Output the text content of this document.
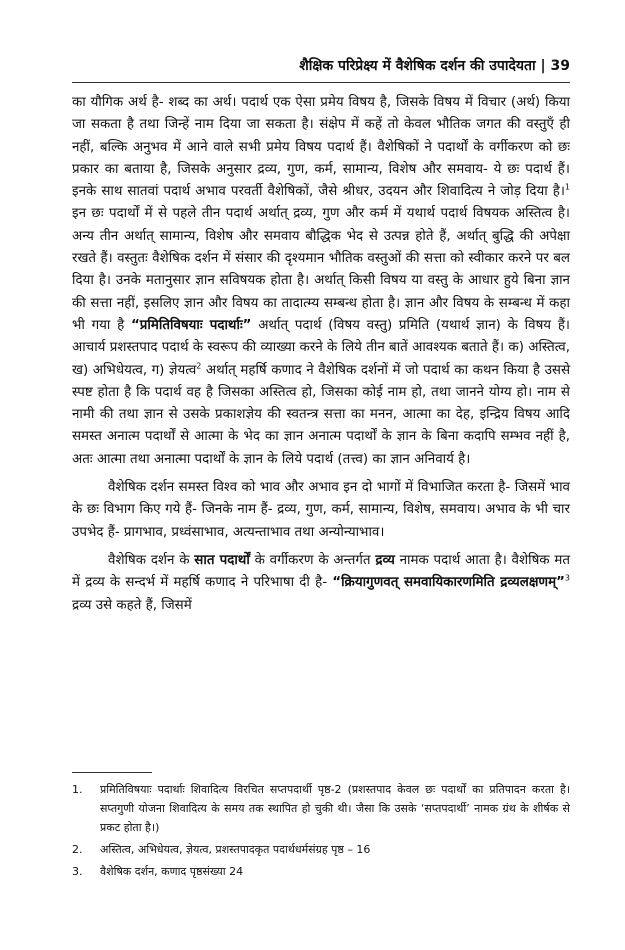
शैक्षिक परिप्रेक्ष्य में वैशेषिक दर्शन की उपादेयता | 39

का यौगिक अर्थ है- शब्द का अर्थ। पदार्थ एक ऐसा प्रमेय विषय है, जिसके विषय में विचार (अर्थ) किया जा सकता है तथा जिन्हें नाम दिया जा सकता है। संक्षेप में कहें तो केवल भौतिक जगत की वस्तुएँ ही नहीं, बल्कि अनुभव में आने वाले सभी प्रमेय विषय पदार्थ हैं। वैशेषिकों ने पदार्थों के वर्गीकरण को छः प्रकार का बताया है, जिसके अनुसार द्रव्य, गुण, कर्म, सामान्य, विशेष और समवाय- ये छः पदार्थ हैं। इनके साथ सातवां पदार्थ अभाव परवर्ती वैशेषिकों, जैसे श्रीधर, उदयन और शिवादित्य ने जोड़ दिया है।$^1$ इन छः पदार्थों में से पहले तीन पदार्थ अर्थात् द्रव्य, गुण और कर्म में यथार्थ पदार्थ विषयक अस्तित्व है। अन्य तीन अर्थात् सामान्य, विशेष और समवाय बौद्धिक भेद से उत्पन्न होते हैं, अर्थात् बुद्धि की अपेक्षा रखते हैं। वस्तुतः वैशेषिक दर्शन में संसार की दृश्यमान भौतिक वस्तुओं की सत्ता को स्वीकार करने पर बल दिया है। उनके मतानुसार ज्ञान सविषयक होता है। अर्थात् किसी विषय या वस्तु के आधार हुये बिना ज्ञान की सत्ता नहीं, इसलिए ज्ञान और विषय का तादात्म्य सम्बन्ध होता है। ज्ञान और विषय के सम्बन्ध में कहा भी गया है “प्रमितिविषयाः पदार्थाः” अर्थात् पदार्थ (विषय वस्तु) प्रमिति (यथार्थ ज्ञान) के विषय हैं। आचार्य प्रशस्तपाद पदार्थ के स्वरूप की व्याख्या करने के लिये तीन बातें आवश्यक बताते हैं। क) अस्तित्व, ख) अभिधेयत्व, ग) ज्ञेयत्व$^2$ अर्थात् महर्षि कणाद ने वैशेषिक दर्शनों में जो पदार्थ का कथन किया है उससे स्पष्ट होता है कि पदार्थ वह है जिसका अस्तित्व हो, जिसका कोई नाम हो, तथा जानने योग्य हो। नाम से नामी की तथा ज्ञान से उसके प्रकाशज्ञेय की स्वतन्त्र सत्ता का मनन, आत्मा का देह, इन्द्रिय विषय आदि समस्त अनात्म पदार्थों से आत्मा के भेद का ज्ञान अनात्म पदार्थों के ज्ञान के बिना कदापि सम्भव नहीं है, अतः आत्मा तथा अनात्मा पदार्थों के ज्ञान के लिये पदार्थ (तत्त्व) का ज्ञान अनिवार्य है।

वैशेषिक दर्शन समस्त विश्व को भाव और अभाव इन दो भागों में विभाजित करता है- जिसमें भाव के छः विभाग किए गये हैं- जिनके नाम हैं- द्रव्य, गुण, कर्म, सामान्य, विशेष, समवाय। अभाव के भी चार उपभेद हैं- प्रागभाव, प्रध्वंसाभाव, अत्यन्ताभाव तथा अन्योन्याभाव।

वैशेषिक दर्शन के सात पदार्थों के वर्गीकरण के अन्तर्गत द्रव्य नामक पदार्थ आता है। वैशेषिक मत में द्रव्य के सन्दर्भ में महर्षि कणाद ने परिभाषा दी है- “क्रियागुणवत् समवायिकारणमिति द्रव्यलक्षणम्”$^3$ द्रव्य उसे कहते हैं, जिसमें

1.	प्रमितिविषयाः पदार्थाः शिवादित्य विरचित सप्तपदार्थी पृष्ठ-2 (प्रशस्तपाद केवल छः पदार्थों का प्रतिपादन करता है। सप्तगुणी योजना शिवादित्य के समय तक स्थापित हो चुकी थी। जैसा कि उसके ‘सप्तपदार्थी’ नामक ग्रंथ के शीर्षक से प्रकट होता है।)
2.	अस्तित्व, अभिधेयत्व, ज्ञेयत्व, प्रशस्तपादकृत पदार्थधर्मसंग्रह पृष्ठ – 16
3.	वैशेषिक दर्शन, कणाद पृष्ठसंख्या 24
